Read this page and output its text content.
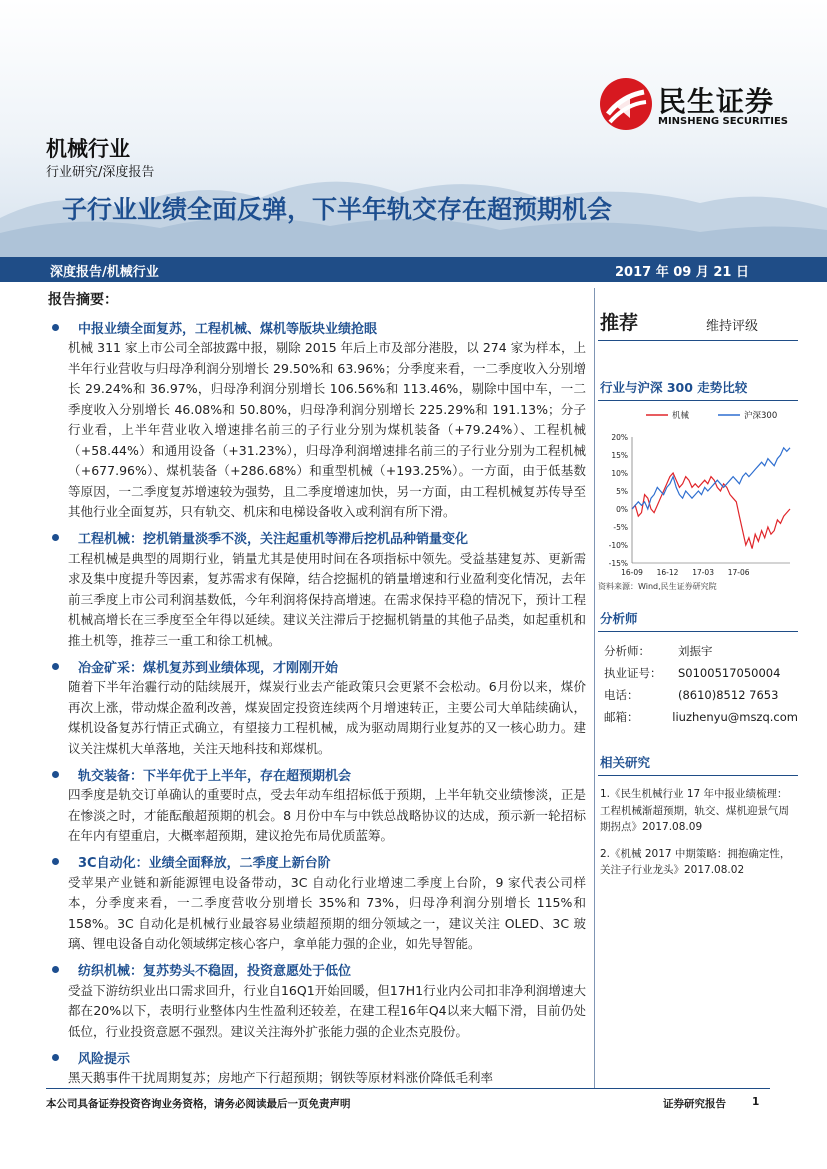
民生证券
MINSHENG SECURITIES
机械行业
行业研究/深度报告
子行业业绩全面反弹，下半年轨交存在超预期机会
深度报告/机械行业	2017 年 09 月 21 日
报告摘要：
中报业绩全面复苏，工程机械、煤机等版块业绩抢眼
机械 311 家上市公司全部披露中报，剔除 2015 年后上市及部分港股，以 274 家为样本，上半年行业营收与归母净利润分别增长 29.50%和 63.96%；分季度来看，一二季度收入分别增长 29.24%和 36.97%，归母净利润分别增长 106.56%和 113.46%，剔除中国中车，一二季度收入分别增长 46.08%和 50.80%，归母净利润分别增长 225.29%和 191.13%；分子行业看，上半年营业收入增速排名前三的子行业分别为煤机装备（+79.24%）、工程机械（+58.44%）和通用设备（+31.23%），归母净利润增速排名前三的子行业分别为工程机械（+677.96%）、煤机装备（+286.68%）和重型机械（+193.25%）。一方面，由于低基数等原因，一二季度复苏增速较为强势，且二季度增速加快，另一方面，由工程机械复苏传导至其他行业全面复苏，只有轨交、机床和电梯设备收入或利润有所下滑。
工程机械：挖机销量淡季不淡，关注起重机等滞后挖机品种销量变化
工程机械是典型的周期行业，销量尤其是使用时间在各项指标中领先。受益基建复苏、更新需求及集中度提升等因素，复苏需求有保障，结合挖掘机的销量增速和行业盈利变化情况，去年前三季度上市公司利润基数低，今年利润将保持高增速。在需求保持平稳的情况下，预计工程机械高增长在三季度至全年得以延续。建议关注滞后于挖掘机销量的其他子品类，如起重机和推土机等，推荐三一重工和徐工机械。
冶金矿采：煤机复苏到业绩体现，才刚刚开始
随着下半年治霾行动的陆续展开，煤炭行业去产能政策只会更紧不会松动。6月份以来，煤价再次上涨，带动煤企盈利改善，煤炭固定投资连续两个月增速转正，主要公司大单陆续确认，煤机设备复苏行情正式确立，有望接力工程机械，成为驱动周期行业复苏的又一核心助力。建议关注煤机大单落地，关注天地科技和郑煤机。
轨交装备：下半年优于上半年，存在超预期机会
四季度是轨交订单确认的重要时点，受去年动车组招标低于预期，上半年轨交业绩惨淡，正是在惨淡之时，才能酝酿超预期的机会。8 月份中车与中铁总战略协议的达成，预示新一轮招标在年内有望重启，大概率超预期，建议抢先布局优质蓝筹。
3C自动化：业绩全面释放，二季度上新台阶
受苹果产业链和新能源锂电设备带动，3C 自动化行业增速二季度上台阶，9 家代表公司样本，分季度来看，一二季度营收分别增长 35%和 73%，归母净利润分别增长 115%和 158%。3C 自动化是机械行业最容易业绩超预期的细分领域之一，建议关注 OLED、3C 玻璃、锂电设备自动化领域绑定核心客户，拿单能力强的企业，如先导智能。
纺织机械：复苏势头不稳固，投资意愿处于低位
受益下游纺织业出口需求回升，行业自16Q1开始回暖，但17H1行业内公司扣非净利润增速大都在20%以下，表明行业整体内生性盈利还较差，在建工程16年Q4以来大幅下滑，目前仍处低位，行业投资意愿不强烈。建议关注海外扩张能力强的企业杰克股份。
风险提示
黑天鹅事件干扰周期复苏；房地产下行超预期；钢铁等原材料涨价降低毛利率
推荐	维持评级
行业与沪深 300 走势比较
机械	沪深300
20%
15%
10%
5%
0%
-5%
-10%
-15%
16-09 16-12 17-03 17-06
资料来源：Wind,民生证券研究院
分析师
分析师：	刘振宇
执业证号：	S0100517050004
电话：	(8610)8512 7653
邮箱：	liuzhenyu@mszq.com
相关研究

1.《民生机械行业 17 年中报业绩梳理：工程机械渐超预期，轨交、煤机迎景气周期拐点》2017.08.09

2.《机械 2017 中期策略：拥抱确定性，关注子行业龙头》2017.08.02

本公司具备证券投资咨询业务资格，请务必阅读最后一页免责声明	证券研究报告 1
